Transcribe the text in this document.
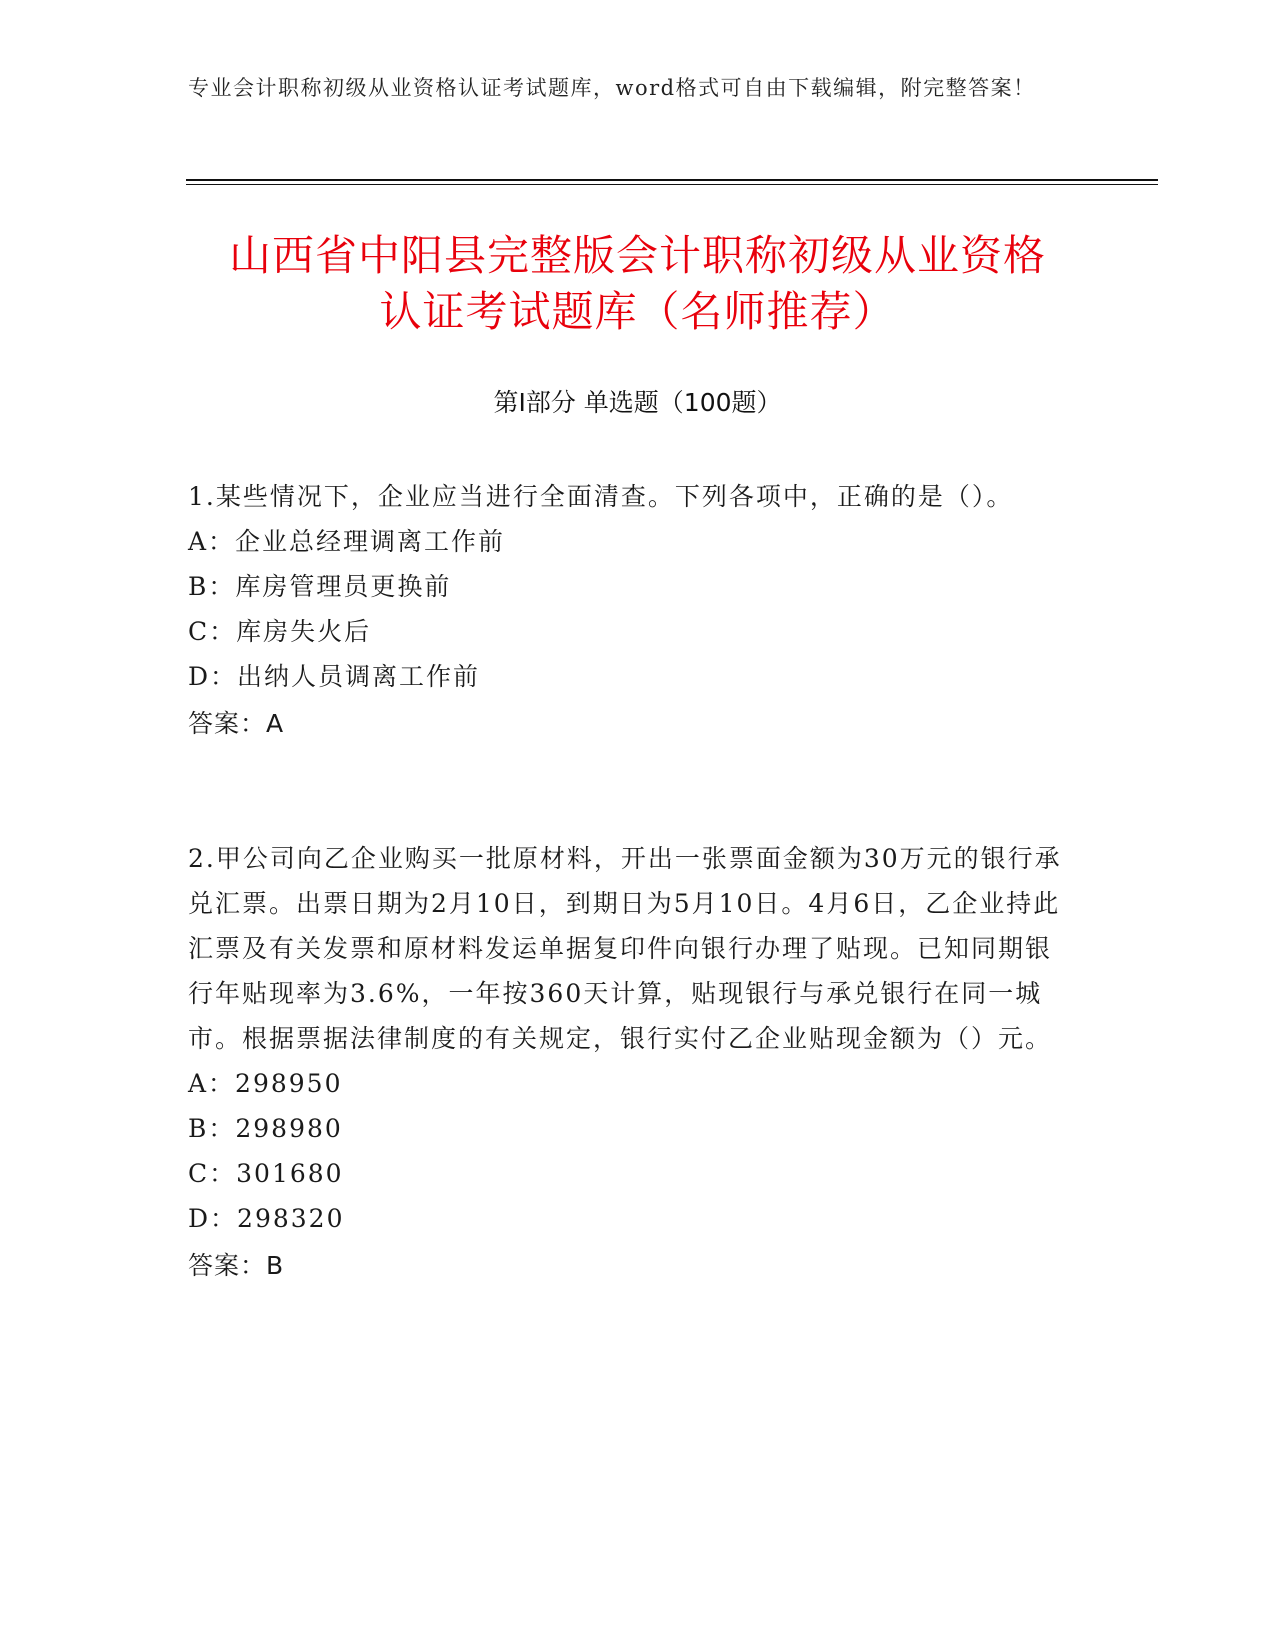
专业会计职称初级从业资格认证考试题库，word格式可自由下载编辑，附完整答案！
山西省中阳县完整版会计职称初级从业资格
认证考试题库（名师推荐）
第Ⅰ部分 单选题（100题）
1.某些情况下，企业应当进行全面清查。下列各项中，正确的是（）。
A：企业总经理调离工作前
B：库房管理员更换前
C：库房失火后
D：出纳人员调离工作前
答案：A
2.甲公司向乙企业购买一批原材料，开出一张票面金额为30万元的银行承兑汇票。出票日期为2月10日，到期日为5月10日。4月6日，乙企业持此汇票及有关发票和原材料发运单据复印件向银行办理了贴现。已知同期银行年贴现率为3.6%，一年按360天计算，贴现银行与承兑银行在同一城市。根据票据法律制度的有关规定，银行实付乙企业贴现金额为（）元。
A：298950
B：298980
C：301680
D：298320
答案：B
